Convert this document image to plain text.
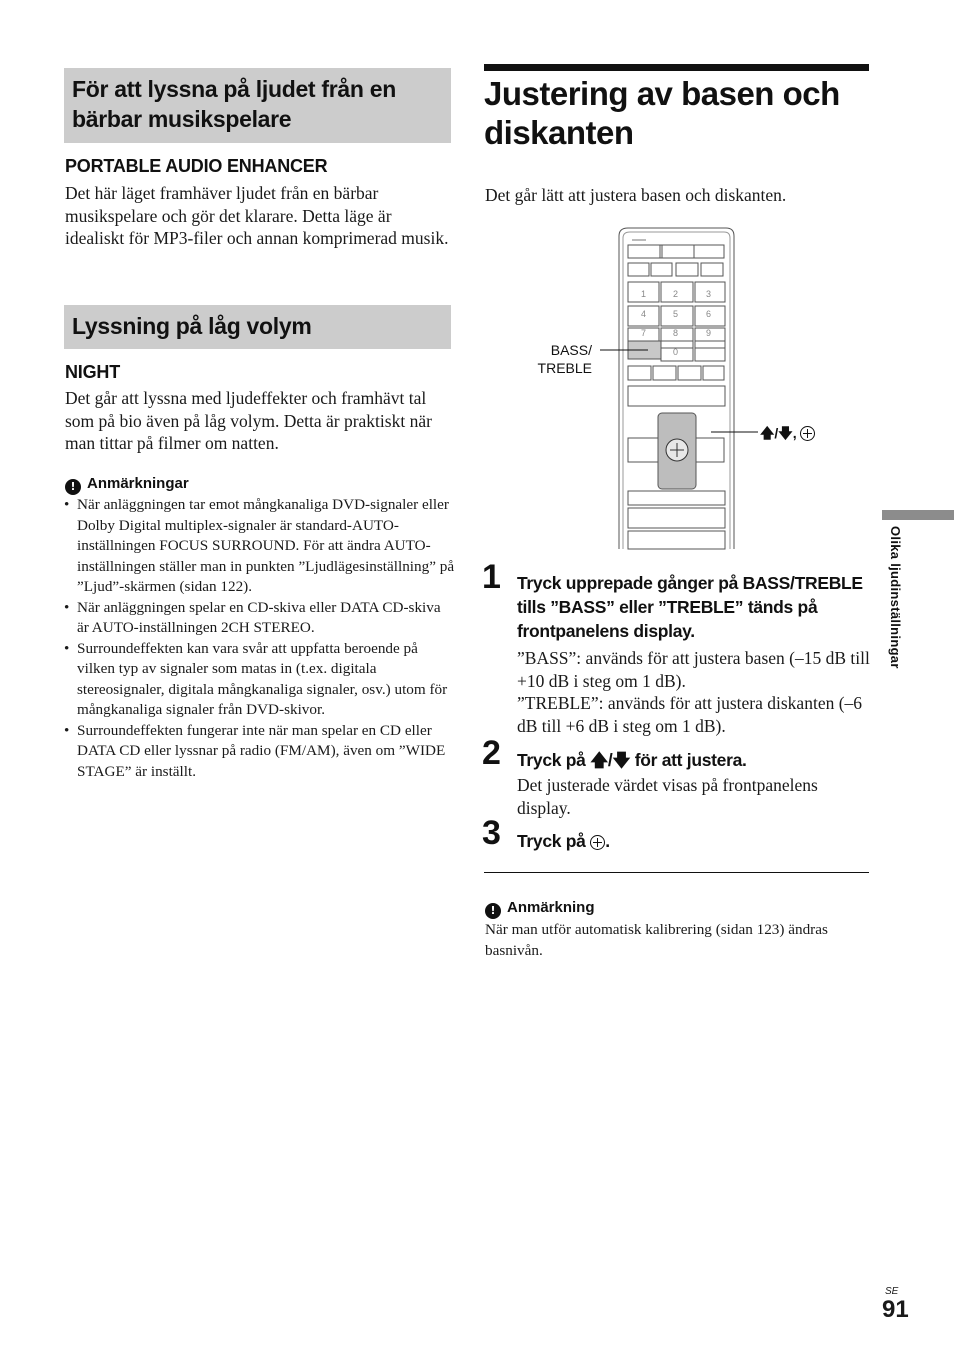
För att lyssna på ljudet från en bärbar musikspelare
PORTABLE AUDIO ENHANCER
Det här läget framhäver ljudet från en bärbar musikspelare och gör det klarare. Detta läge är idealiskt för MP3-filer och annan komprimerad musik.
Lyssning på låg volym
NIGHT
Det går att lyssna med ljudeffekter och framhävt tal som på bio även på låg volym. Detta är praktiskt när man tittar på filmer om natten.
! Anmärkningar
• När anläggningen tar emot mångkanaliga DVD-signaler eller Dolby Digital multiplex-signaler är standard-AUTO-inställningen FOCUS SURROUND. För att ändra AUTO-inställningen ställer man in punkten ”Ljudlägesinställning” på ”Ljud”-skärmen (sidan 122).
• När anläggningen spelar en CD-skiva eller DATA CD-skiva är AUTO-inställningen 2CH STEREO.
• Surroundeffekten kan vara svår att uppfatta beroende på vilken typ av signaler som matas in (t.ex. digitala stereosignaler, digitala mångkanaliga signaler, osv.) utom för mångkanaliga signaler från DVD-skivor.
• Surroundeffekten fungerar inte när man spelar en CD eller DATA CD eller lyssnar på radio (FM/AM), även om ”WIDE STAGE” är inställt.
Justering av basen och diskanten
Det går lätt att justera basen och diskanten.
1	2	3
4	5	6
7	8	9
0
BASS/
TREBLE
🡅/🡇,
1 Tryck upprepade gånger på BASS/TREBLE tills ”BASS” eller ”TREBLE” tänds på frontpanelens display.
”BASS”: används för att justera basen (–15 dB till +10 dB i steg om 1 dB).
”TREBLE”: används för att justera diskanten (–6 dB till +6 dB i steg om 1 dB).
2 Tryck på 🡅/🡇 för att justera.
Det justerade värdet visas på frontpanelens display.
3 Tryck på .
! Anmärkning
När man utför automatisk kalibrering (sidan 123) ändras basnivån.
Olika ljudinställningar
SE
91
